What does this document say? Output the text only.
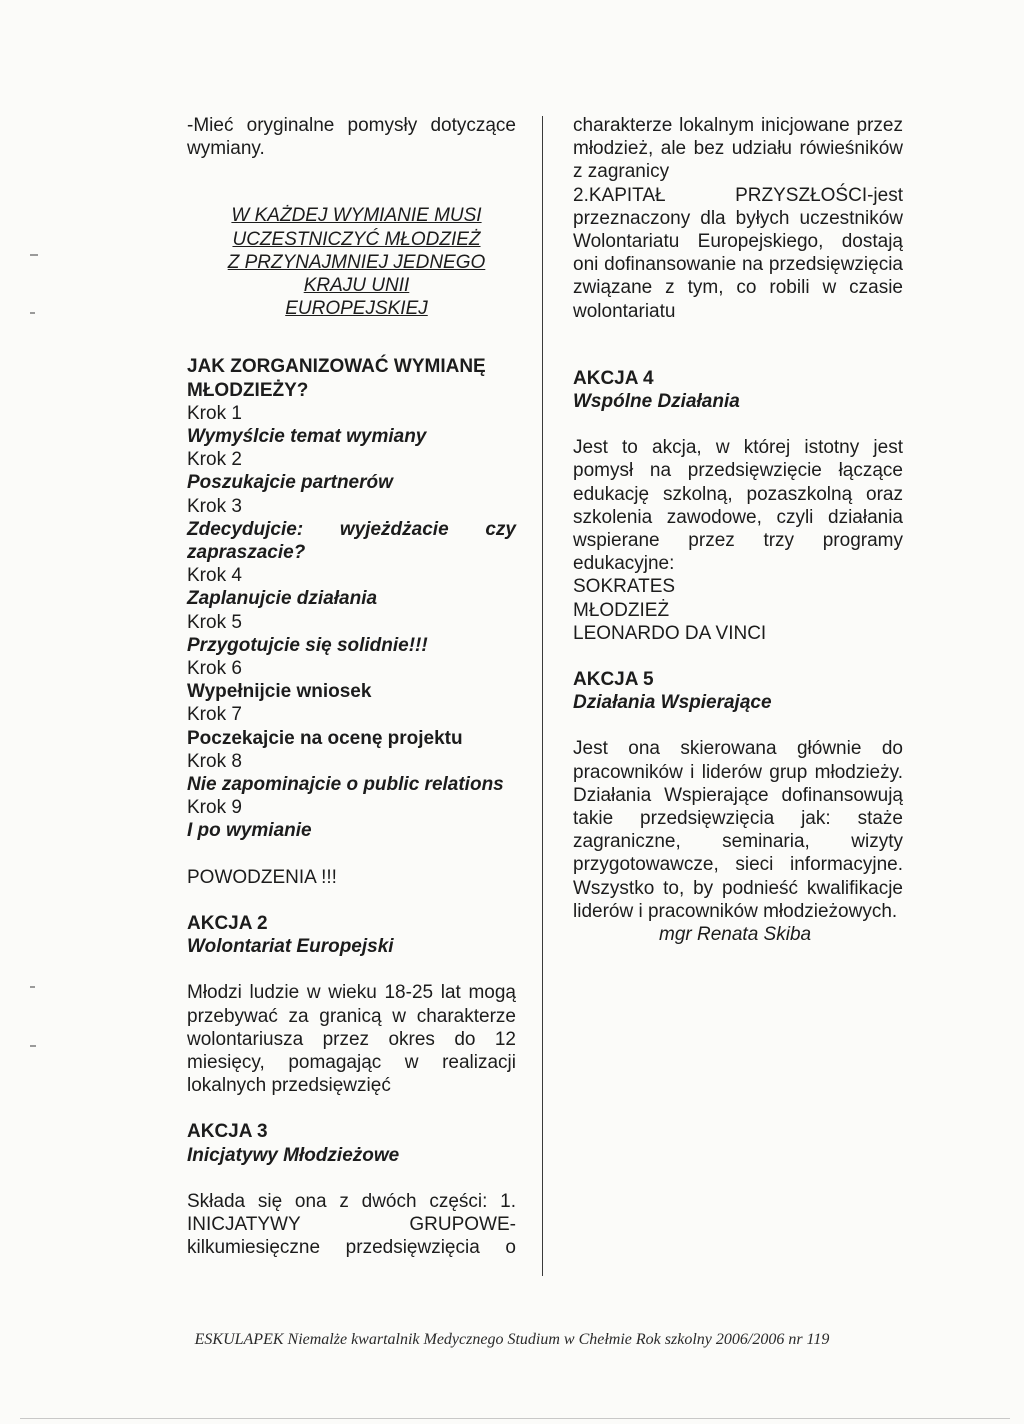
-Mieć oryginalne pomysły dotyczące wymiany.

W KAŻDEJ WYMIANIE MUSI

UCZESTNICZYĆ MŁODZIEŻ

Z PRZYNAJMNIEJ JEDNEGO

KRAJU UNII

EUROPEJSKIEJ

JAK ZORGANIZOWAĆ WYMIANĘ MŁODZIEŻY?

Krok 1

Wymyślcie temat wymiany

Krok 2

Poszukajcie partnerów

Krok 3

Zdecydujcie: wyjeżdżacie czy zapraszacie?

Krok 4

Zaplanujcie działania

Krok 5

Przygotujcie się solidnie!!!

Krok 6

Wypełnijcie wniosek

Krok 7

Poczekajcie na ocenę projektu

Krok 8

Nie zapominajcie o public relations

Krok 9

I po wymianie

POWODZENIA !!!

AKCJA 2

Wolontariat Europejski

Młodzi ludzie w wieku 18-25 lat mogą przebywać za granicą w charakterze wolontariusza przez okres do 12 miesięcy, pomagając w realizacji lokalnych przedsięwzięć

AKCJA 3

Inicjatywy Młodzieżowe

Składa się ona z dwóch części: 1. INICJATYWY GRUPOWE-kilkumiesięczne przedsięwzięcia o

charakterze lokalnym inicjowane przez młodzież, ale bez udziału rówieśników z zagranicy

2.KAPITAŁ PRZYSZŁOŚCI-jest przeznaczony dla byłych uczestników Wolontariatu Europejskiego, dostają oni dofinansowanie na przedsięwzięcia związane z tym, co robili w czasie wolontariatu

AKCJA 4

Wspólne Działania

Jest to akcja, w której istotny jest pomysł na przedsięwzięcie łączące edukację szkolną, pozaszkolną oraz szkolenia zawodowe, czyli działania wspierane przez trzy programy edukacyjne:

SOKRATES

MŁODZIEŻ

LEONARDO DA VINCI

AKCJA 5

Działania Wspierające

Jest ona skierowana głównie do pracowników i liderów grup młodzieży. Działania Wspierające dofinansowują takie przedsięwzięcia jak: staże zagraniczne, seminaria, wizyty przygotowawcze, sieci informacyjne. Wszystko to, by podnieść kwalifikacje liderów i pracowników młodzieżowych.

mgr Renata Skiba

ESKULAPEK Niemalże kwartalnik Medycznego Studium w Chełmie Rok szkolny 2006/2006 nr 119
